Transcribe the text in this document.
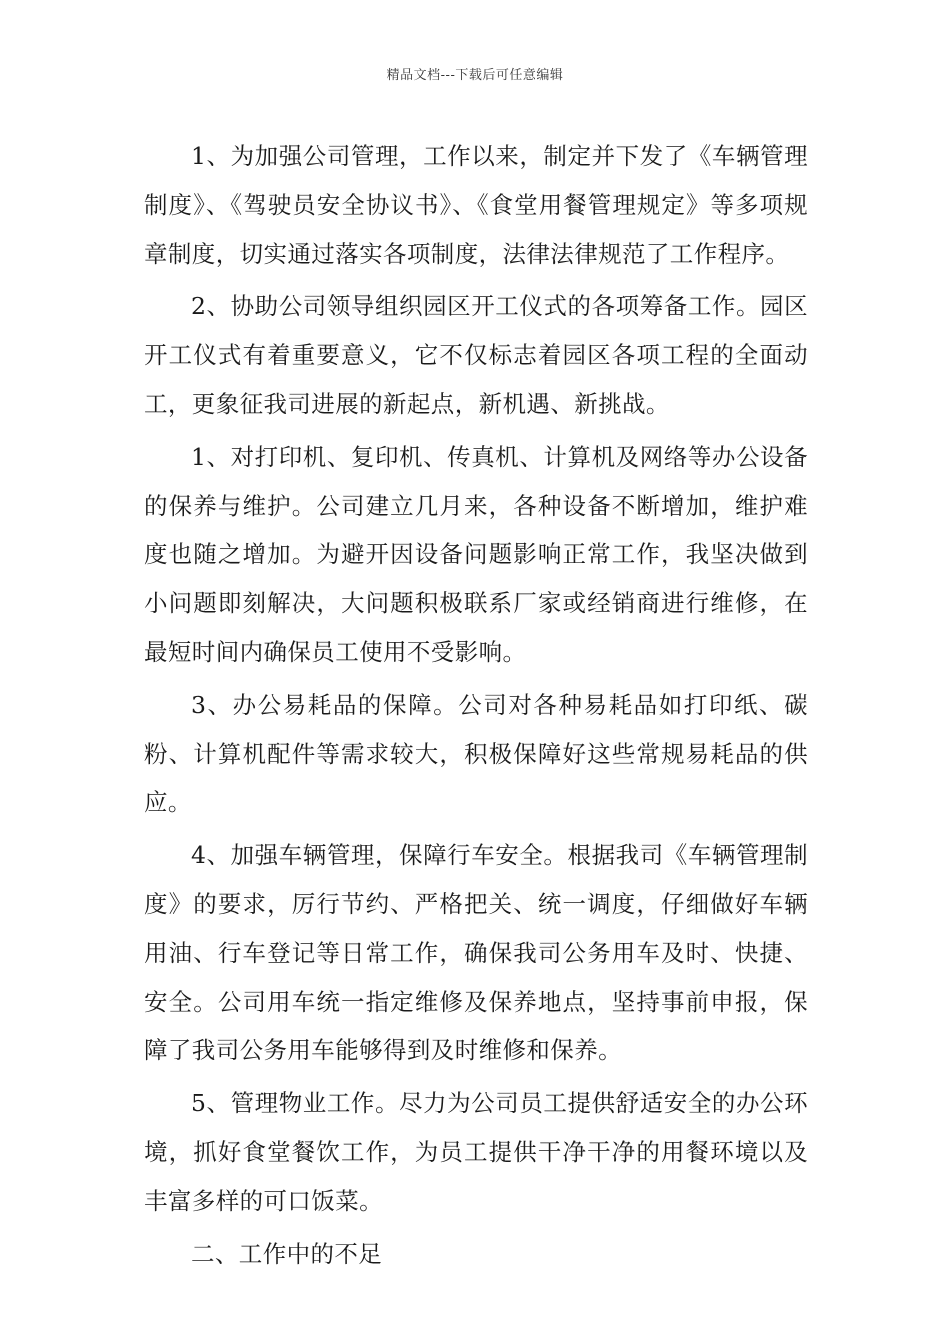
精品文档---下载后可任意编辑

1、为加强公司管理，工作以来，制定并下发了《车辆管理制度》、《驾驶员安全协议书》、《食堂用餐管理规定》等多项规章制度，切实通过落实各项制度，法律法律规范了工作程序。

2、协助公司领导组织园区开工仪式的各项筹备工作。园区开工仪式有着重要意义，它不仅标志着园区各项工程的全面动工，更象征我司进展的新起点，新机遇、新挑战。

1、对打印机、复印机、传真机、计算机及网络等办公设备的保养与维护。公司建立几月来，各种设备不断增加，维护难度也随之增加。为避开因设备问题影响正常工作，我坚决做到小问题即刻解决，大问题积极联系厂家或经销商进行维修，在最短时间内确保员工使用不受影响。

3、办公易耗品的保障。公司对各种易耗品如打印纸、碳粉、计算机配件等需求较大，积极保障好这些常规易耗品的供应。

4、加强车辆管理，保障行车安全。根据我司《车辆管理制度》的要求，厉行节约、严格把关、统一调度，仔细做好车辆用油、行车登记等日常工作，确保我司公务用车及时、快捷、安全。公司用车统一指定维修及保养地点，坚持事前申报，保障了我司公务用车能够得到及时维修和保养。

5、管理物业工作。尽力为公司员工提供舒适安全的办公环境，抓好食堂餐饮工作，为员工提供干净干净的用餐环境以及丰富多样的可口饭菜。

二、工作中的不足
